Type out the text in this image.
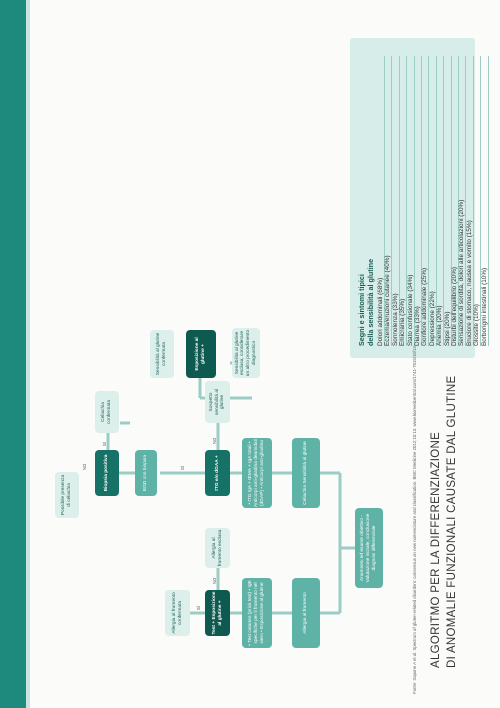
ALGORITMO PER LA DIFFERENZIAZIONE DI ANOMALIE FUNZIONALI CAUSATE DAL GLUTINE
Anamnesi ed esame obiettivo - Valutazione iniziale, conclusione diagnosi differenziale
Allergia al frumento
Celiachia Sensibilità al glutine
• Test cutaneo (prick test) • IgE specifiche per il frumento nel siero • Esposizione al glutine
• tTG IgA + tEMA + IgA totali • Anticorpi anti-gliadina deamidati (dGAP) • Anticorpi anti-gliadina
Test + Esposizione al glutine +
Allergia al frumento esclusa
Allergia al frumento confermata
tTG e/o dGAA +
Sospetto sensibilità al glutine
Esposizione al glutine +	Sensibilità al glutine esclusa, considerare un altro procedimento diagnostico
Sensibilità al glutine confermata
EGD con biopsia
Biopsia positiva
Celiachia confermata
Possibile presenza di celiachia
NO
SÌ
NO
SÌ
SÌ
NO	Fonte: Sapone A et al. Spectrum of gluten-related disorders: consensus on new nomenclature and classification. BMC Medicine 2012;10:13. www.biomedcentral.com/1741-7015/10/13
Segni e sintomi tipici della sensibilità al glutine Dolori addominali (68%) Eczema/eruzioni cutanee (40%) Sonnolenza (33%) Emicrania (35%) Stato confusionale (34%) Diarrea (33%) Gonfiore addominale (25%) Depressione (22%) Anemia (20%) Stipsi (20%) Disturbi dell'equilibrio (20%) Sensazione di sordità, dolori alle articolazioni (20%) Bruciore di stomaco, nausea e vomito (15%) Glossite (10%) Borborigmi intestinali (10%)
